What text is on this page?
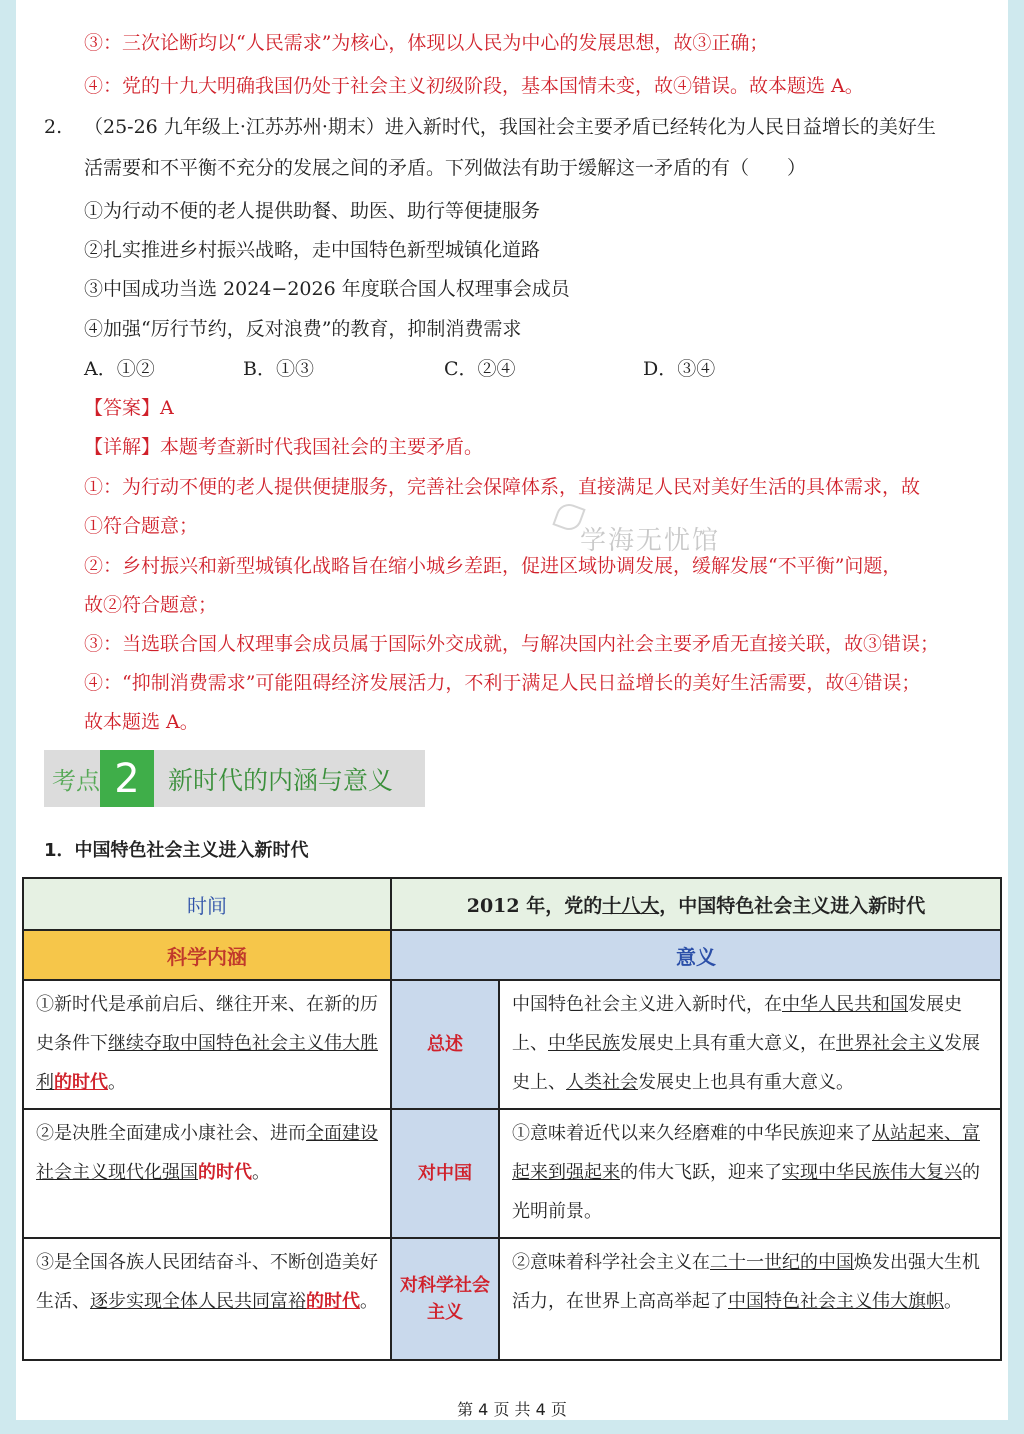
③：三次论断均以“人民需求”为核心，体现以人民为中心的发展思想，故③正确；
④：党的十九大明确我国仍处于社会主义初级阶段，基本国情未变，故④错误。故本题选 A。
2. （25-26 九年级上·江苏苏州·期末）进入新时代，我国社会主要矛盾已经转化为人民日益增长的美好生
活需要和不平衡不充分的发展之间的矛盾。下列做法有助于缓解这一矛盾的有（　　）
①为行动不便的老人提供助餐、助医、助行等便捷服务
②扎实推进乡村振兴战略，走中国特色新型城镇化道路
③中国成功当选 2024−2026 年度联合国人权理事会成员
④加强“厉行节约，反对浪费”的教育，抑制消费需求
A．①②	B．①③	C．②④	D．③④
【答案】A
【详解】本题考查新时代我国社会的主要矛盾。
①：为行动不便的老人提供便捷服务，完善社会保障体系，直接满足人民对美好生活的具体需求，故
①符合题意；
②：乡村振兴和新型城镇化战略旨在缩小城乡差距，促进区域协调发展，缓解发展“不平衡”问题，
故②符合题意；
③：当选联合国人权理事会成员属于国际外交成就，与解决国内社会主要矛盾无直接关联，故③错误；
④：“抑制消费需求”可能阻碍经济发展活力，不利于满足人民日益增长的美好生活需要，故④错误；
故本题选 A。
学海无忧馆
考点 2	新时代的内涵与意义
1．中国特色社会主义进入新时代
时间	2012 年，党的十八大，中国特色社会主义进入新时代	
科学内涵	意义	
①新时代是承前启后、继往开来、在新的历史条件下继续夺取中国特色社会主义伟大胜利的时代。	总述	中国特色社会主义进入新时代，在中华人民共和国发展史上、中华民族发展史上具有重大意义，在世界社会主义发展史上、人类社会发展史上也具有重大意义。
②是决胜全面建成小康社会、进而全面建设社会主义现代化强国的时代。	对中国	①意味着近代以来久经磨难的中华民族迎来了从站起来、富起来到强起来的伟大飞跃，迎来了实现中华民族伟大复兴的光明前景。
③是全国各族人民团结奋斗、不断创造美好生活、逐步实现全体人民共同富裕的时代。	对科学社会主义	②意味着科学社会主义在二十一世纪的中国焕发出强大生机活力，在世界上高高举起了中国特色社会主义伟大旗帜。
第 4 页 共 4 页
